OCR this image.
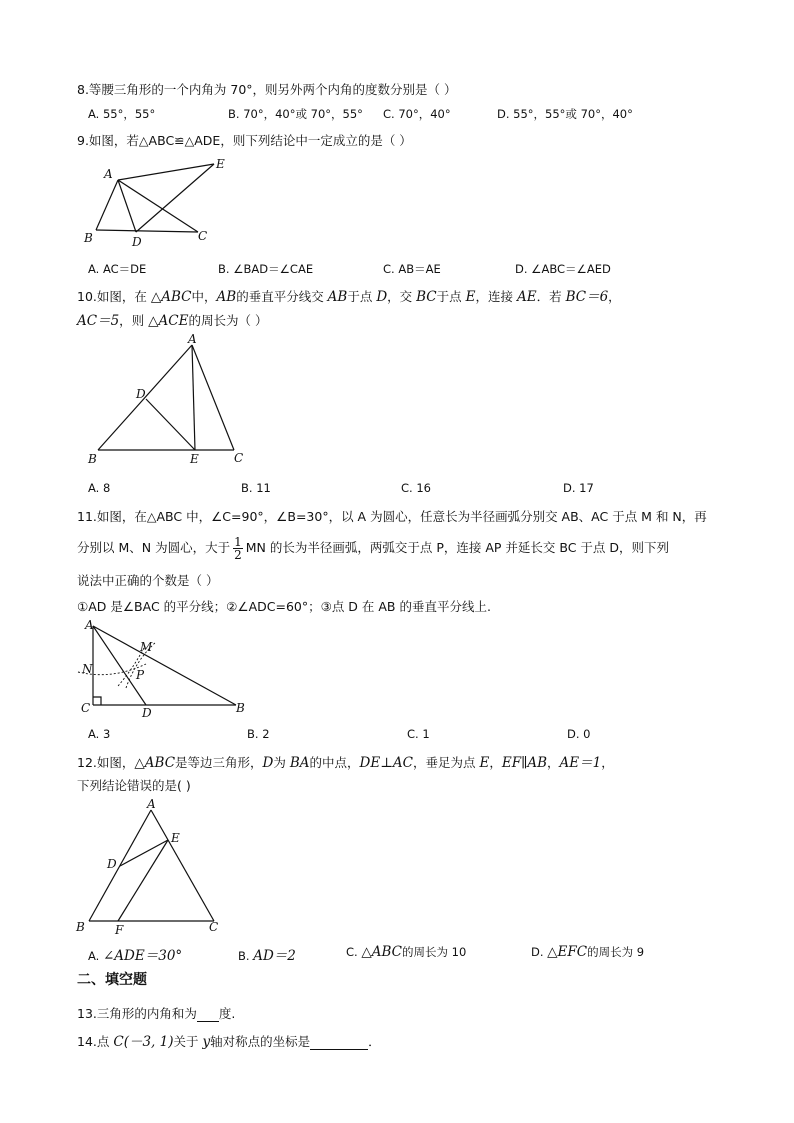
8.等腰三角形的一个内角为 70°，则另外两个内角的度数分别是（ ）
A. 55°，55°	B. 70°，40°或 70°，55° C. 70°，40°	D. 55°，55°或 70°，40°
9.如图，若△ABC≌△ADE，则下列结论中一定成立的是（ ）
A
E
B	D	C
A. AC＝DE	B. ∠BAD＝∠CAE	C. AB＝AE	D. ∠ABC＝∠AED
10.如图，在 △ABC中，AB的垂直平分线交 AB于点 D，交 BC于点 E，连接 AE．若 BC＝6，
AC＝5，则 △ACE的周长为（ ）
A
D
B	E	C
A. 8	B. 11	C. 16	D. 17
11.如图，在△ABC 中，∠C=90°，∠B=30°，以 A 为圆心，任意长为半径画弧分别交 AB、AC 于点 M 和 N，再
分别以 M、N 为圆心，大于 $\frac{1}{2}$ MN 的长为半径画弧，两弧交于点 P，连接 AP 并延长交 BC 于点 D，则下列
说法中正确的个数是（ ）
①AD 是∠BAC 的平分线；②∠ADC=60°；③点 D 在 AB 的垂直平分线上.
A
M
N	P
C	D	B
A. 3	B. 2	C. 1	D. 0
12.如图，△ABC是等边三角形，D为 BA的中点，DE⊥AC，垂足为点 E，EF∥AB，AE＝1，
下列结论错误的是( )
A
E
D
B	F	C
A. ∠ADE＝30°	B. AD＝2	C. △ABC的周长为 10	D. △EFC的周长为 9
二、填空题
13.三角形的内角和为 度.
14.点 C(－3, 1)关于 y轴对称点的坐标是	．
